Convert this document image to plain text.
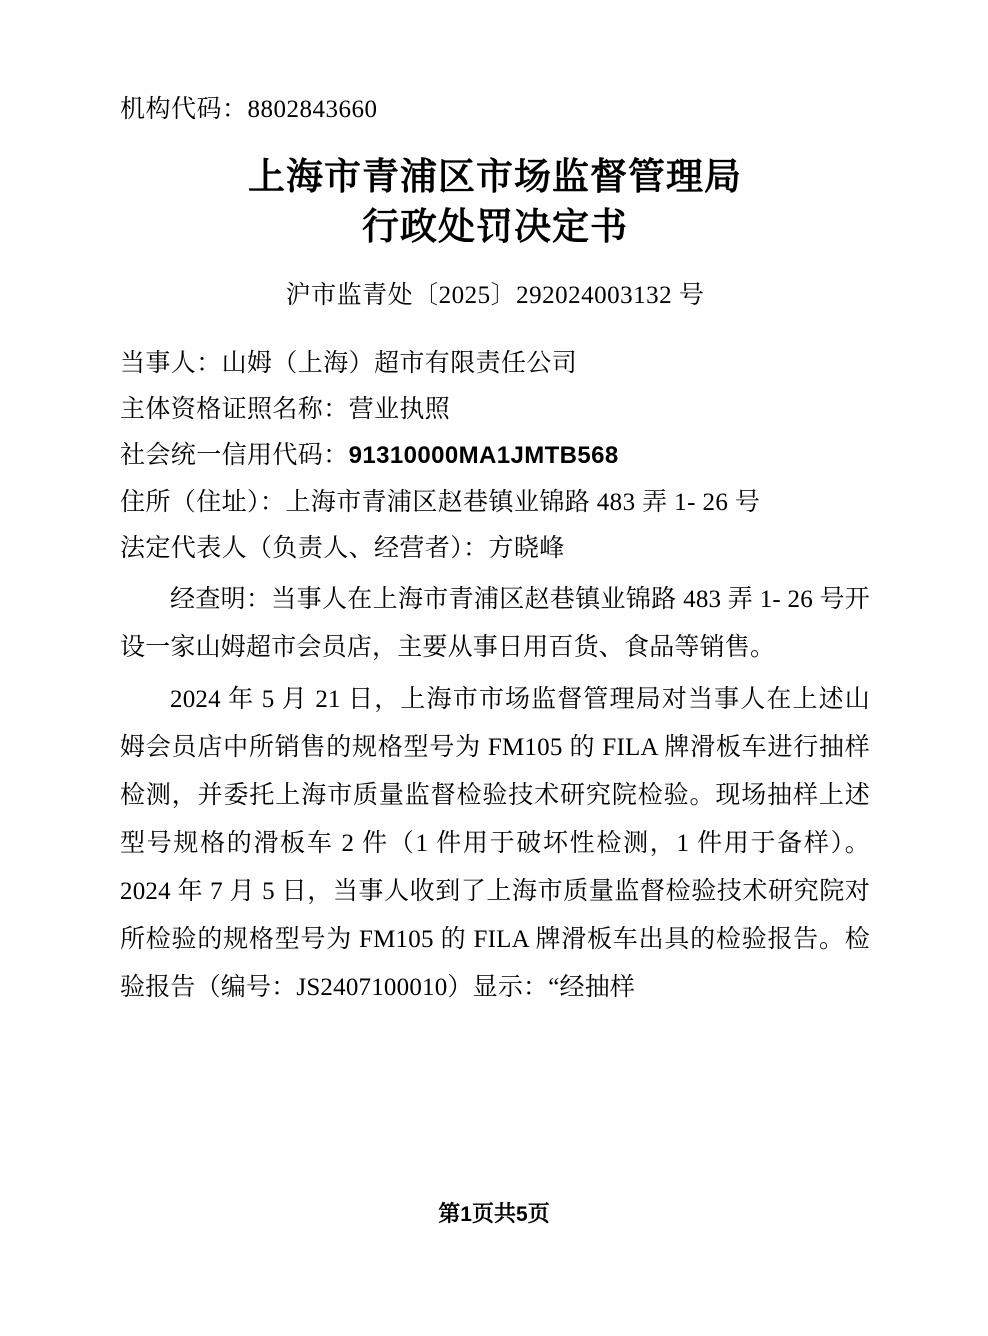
机构代码：8802843660
上海市青浦区市场监督管理局
行政处罚决定书
沪市监青处〔2025〕292024003132 号
当事人：山姆（上海）超市有限责任公司
主体资格证照名称：营业执照
社会统一信用代码：91310000MA1JMTB568
住所（住址）：上海市青浦区赵巷镇业锦路 483 弄 1- 26 号
法定代表人（负责人、经营者）：方晓峰

经查明：当事人在上海市青浦区赵巷镇业锦路 483 弄 1- 26 号开设一家山姆超市会员店，主要从事日用百货、食品等销售。

2024 年 5 月 21 日，上海市市场监督管理局对当事人在上述山姆会员店中所销售的规格型号为 FM105 的 FILA 牌滑板车进行抽样检测，并委托上海市质量监督检验技术研究院检验。现场抽样上述型号规格的滑板车 2 件（1 件用于破坏性检测，1 件用于备样）。2024 年 7 月 5 日，当事人收到了上海市质量监督检验技术研究院对所检验的规格型号为 FM105 的 FILA 牌滑板车出具的检验报告。检验报告（编号：JS2407100010）显示：“经抽样

第1页共5页
